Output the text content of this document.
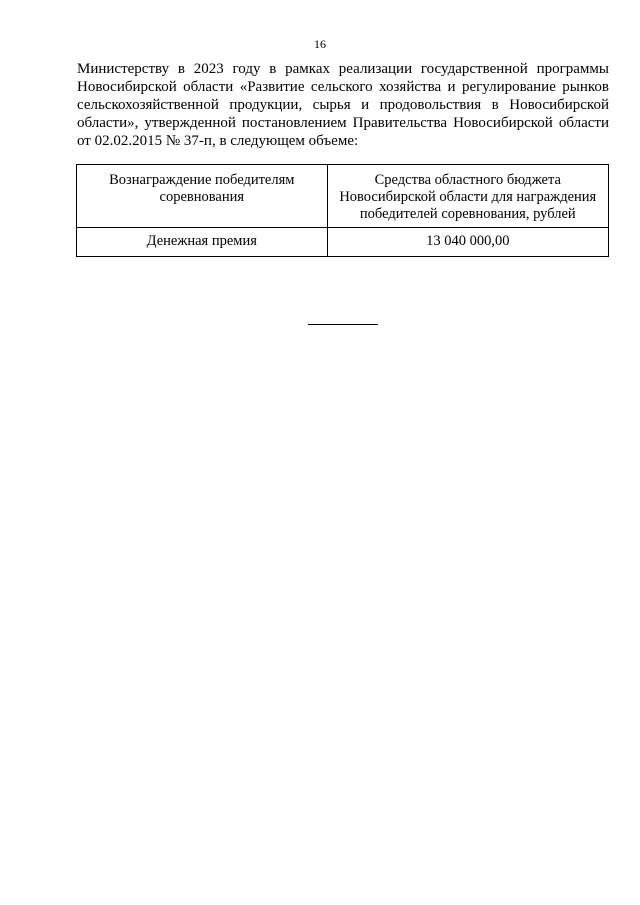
16
Министерству в 2023 году в рамках реализации государственной программы
Новосибирской области «Развитие сельского хозяйства и регулирование рынков
сельскохозяйственной продукции, сырья и продовольствия в Новосибирской
области», утвержденной постановлением Правительства Новосибирской области
от 02.02.2015 № 37-п, в следующем объеме:
Вознаграждение победителям соревнования	Средства областного бюджета Новосибирской области для награждения победителей соревнования, рублей

Денежная премия	13 040 000,00
